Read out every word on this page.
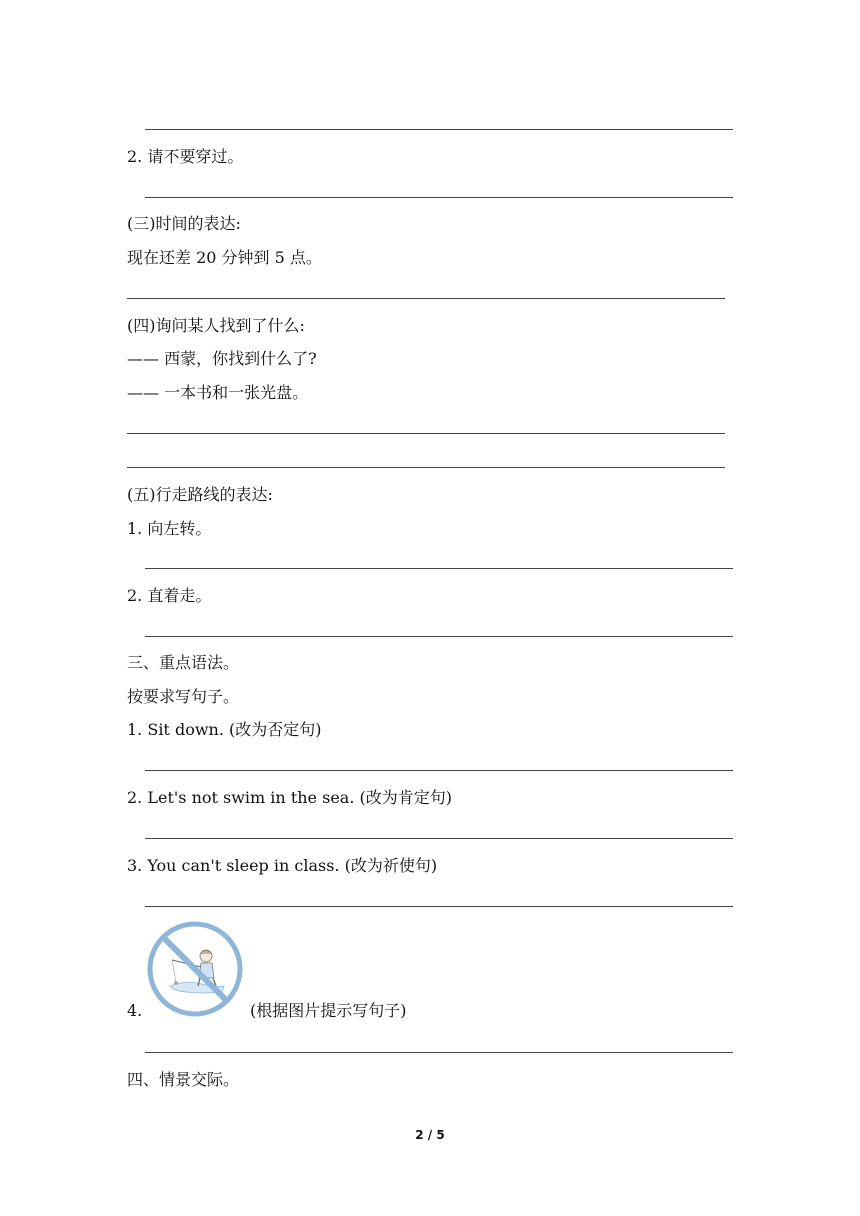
2. 请不要穿过。
(三)时间的表达:
现在还差 20 分钟到 5 点。
(四)询问某人找到了什么:
—— 西蒙，你找到什么了?
—— 一本书和一张光盘。
(五)行走路线的表达:
1. 向左转。
2. 直着走。
三、重点语法。
按要求写句子。
1. Sit down. (改为否定句)
2. Let's not swim in the sea. (改为肯定句)
3. You can't sleep in class. (改为祈使句)
4.	(根据图片提示写句子)
四、情景交际。
2 / 5
